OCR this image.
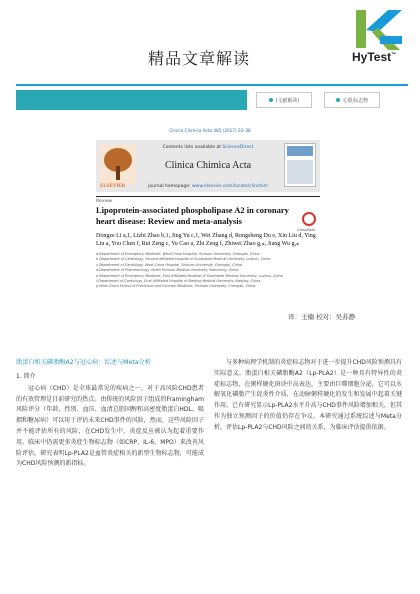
精品文章解读	HyTest™
(文献解读)	心肌标志物
Clinica Chimica Acta 485 (2017) 22–38
ELSEVIER
Contents lists available at ScienceDirect
Clinica Chimica Acta
journal homepage: www.elsevier.com/locate/clinchim
Review
Lipoprotein-associated phospholipase A2 in coronary heart disease: Review and meta-analysis
CrossMark
Dongze Li a,1, Lizhi Zhao b,1, Jing Yu c,1, Wei Zhang d, Rongsheng Du e, Xin Liu d, Ying Liu a, You Chen f, Rui Zeng c, Yu Cao a, Zhi Zeng f, Zhiwei Zhao g,⁎, Jiang Wu g,⁎
a Department of Emergency Medicine, West China Hospital, Sichuan University, Chengdu, China
b Department of Cardiology, Second Affiliated Hospital of Southwest Medical University, Luzhou, China
c Department of Cardiology, West China Hospital, Sichuan University, Chengdu, China
d Department of Pharmacology, North Sichuan Medical University, Nanchong, China
e Department of Emergency Medicine, First Affiliated Hospital of Southwest Medical University, Luzhou, China
f Department of Cardiology, First Affiliated Hospital of Nanjing Medical University, Nanjing, China
g West China School of Preclinical and Forensic Medicine, Sichuan University, Chengdu, China
译：王楠 校对：吴苏静
脂蛋白相关磷脂酶A2与冠心病：综述与Meta分析
1. 简介
冠心病（CHD）是全球最常见的疾病之一，对于高风险CHD患者的有效管理是目前研究的热点。由传统的风险因子组成的Framingham风险评分（年龄、性别、血压、血清总胆固醇和高密度脂蛋白HDL、吸烟和糖尿病）可以用于评估未来CHD事件的风险，然而，这些风险因子并不能评估所有的风险，在CHD发生中，炎症反应被认为起着重要作用。临床中仍需更多炎症生物标志物（如CRP、IL-6、MPO）来改善风险评估。研究表明Lp-PLA2是血管炎症相关的新型生物标志物，可能成为CHD风险预测的新指标。
与多种病理学机制的炎症标志物对于进一步提升CHD风险预测具有实际意义。脂蛋白相关磷脂酶A2（Lp-PLA2）是一种具有特异性的炎症标志物，在粥样硬化斑块中高表达，主要由巨噬细胞分泌，它可以水解氧化磷脂产生促炎性介质，在动脉粥样硬化的发生和发展中起着关键作用。已有研究显示Lp-PLA2水平升高与CHD事件风险增加相关，但其作为独立预测因子的价值仍存在争议。本研究通过系统综述与Meta分析，评估Lp-PLA2与CHD风险之间的关系，为临床评估提供依据。
